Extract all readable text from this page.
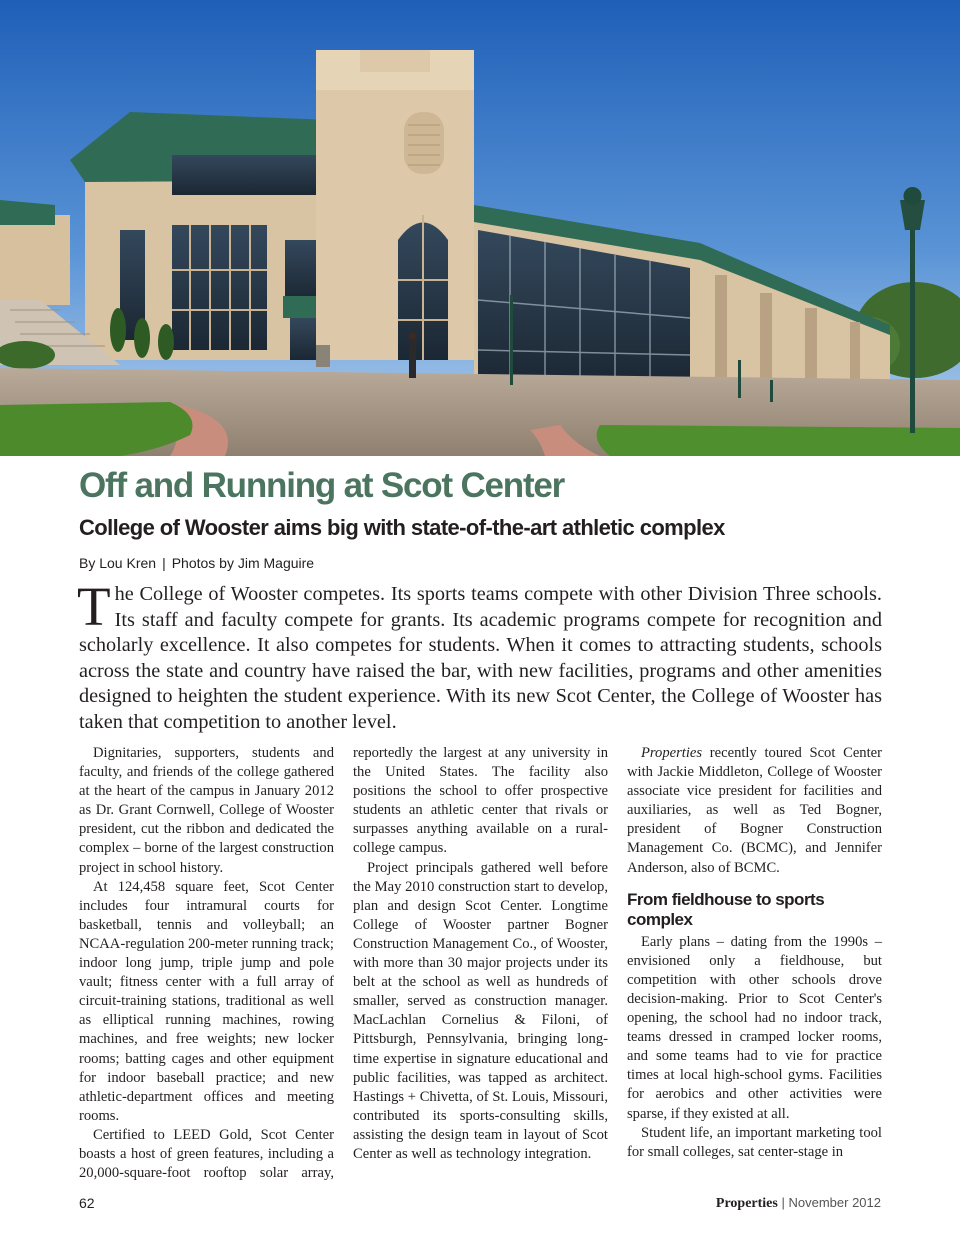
Off and Running at Scot Center
College of Wooster aims big with state-of-the-art athletic complex
By Lou Kren | Photos by Jim Maguire

The College of Wooster competes. Its sports teams compete with other Division Three schools. Its staff and faculty compete for grants. Its academic programs compete for recognition and scholarly excellence. It also competes for students. When it comes to attracting students, schools across the state and country have raised the bar, with new facilities, programs and other amenities designed to heighten the student experience. With its new Scot Center, the College of Wooster has taken that competition to another level.

Dignitaries, supporters, students and faculty, and friends of the college gathered at the heart of the campus in January 2012 as Dr. Grant Cornwell, College of Wooster president, cut the ribbon and dedicated the complex – borne of the largest construction project in school history.

At 124,458 square feet, Scot Center includes four intramural courts for basketball, tennis and volleyball; an NCAA-regulation 200-meter running track; indoor long jump, triple jump and pole vault; fitness center with a full array of circuit-training stations, traditional as well as elliptical running machines, rowing machines, and free weights; new locker rooms; batting cages and other equipment for indoor baseball practice; and new athletic-department offices and meeting rooms.

Certified to LEED Gold, Scot Center boasts a host of green features, including a 20,000-square-foot rooftop solar array, reportedly the largest at any university in the United States. The facility also positions the school to offer prospective students an athletic center that rivals or surpasses anything available on a rural-college campus.

Project principals gathered well before the May 2010 construction start to develop, plan and design Scot Center. Longtime College of Wooster partner Bogner Construction Management Co., of Wooster, with more than 30 major projects under its belt at the school as well as hundreds of smaller, served as construction manager. MacLachlan Cornelius & Filoni, of Pittsburgh, Pennsylvania, bringing long-time expertise in signature educational and public facilities, was tapped as architect. Hastings + Chivetta, of St. Louis, Missouri, contributed its sports-consulting skills, assisting the design team in layout of Scot Center as well as technology integration.

Properties recently toured Scot Center with Jackie Middleton, College of Wooster associate vice president for facilities and auxiliaries, as well as Ted Bogner, president of Bogner Construction Management Co. (BCMC), and Jennifer Anderson, also of BCMC.

From fieldhouse to sports complex

Early plans – dating from the 1990s – envisioned only a fieldhouse, but competition with other schools drove decision-making. Prior to Scot Center's opening, the school had no indoor track, teams dressed in cramped locker rooms, and some teams had to vie for practice times at local high-school gyms. Facilities for aerobics and other activities were sparse, if they existed at all.

Student life, an important marketing tool for small colleges, sat center-stage in

62	Properties | November 2012
